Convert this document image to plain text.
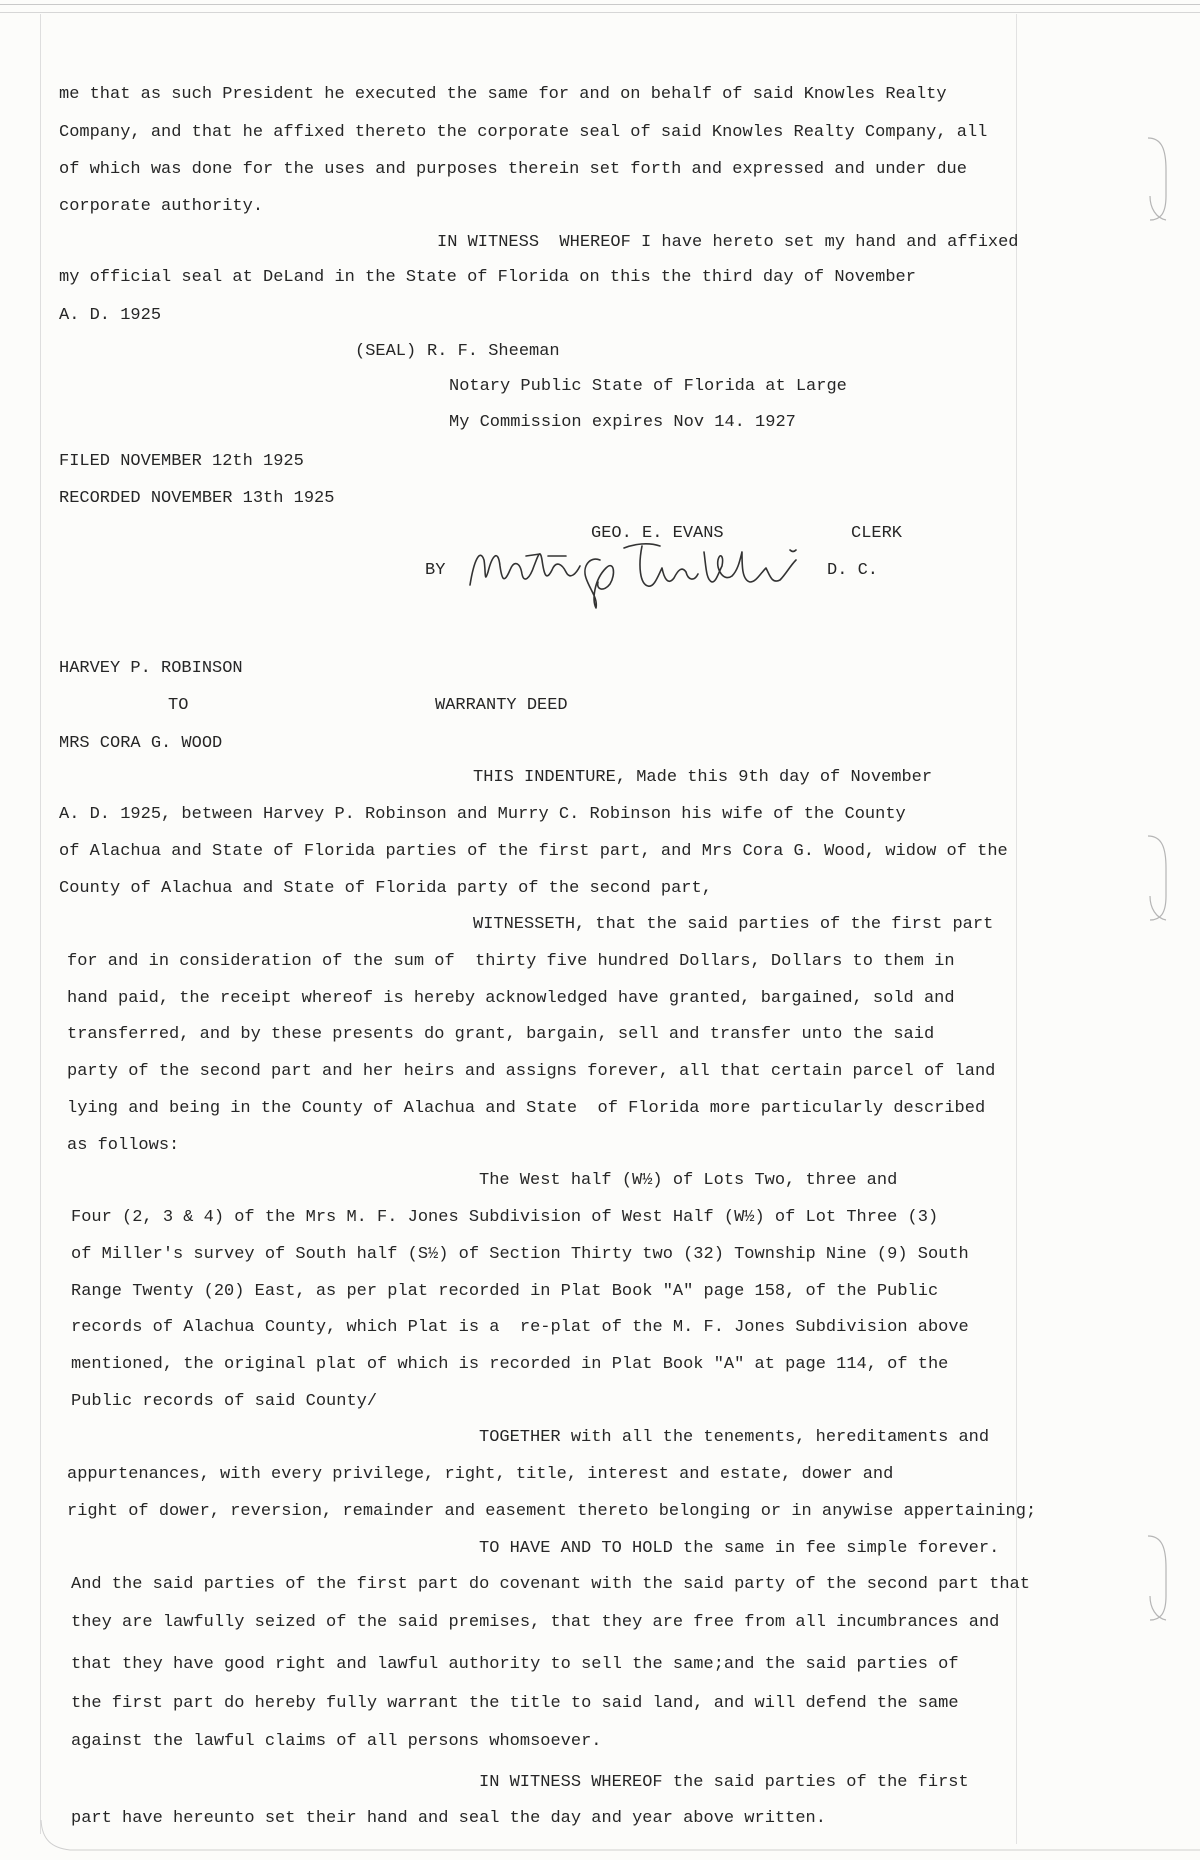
me that as such President he executed the same for and on behalf of said Knowles Realty
Company, and that he affixed thereto the corporate seal of said Knowles Realty Company, all
of which was done for the uses and purposes therein set forth and expressed and under due
corporate authority.
IN WITNESS  WHEREOF I have hereto set my hand and affixed
my official seal at DeLand in the State of Florida on this the third day of November
A. D. 1925
(SEAL) R. F. Sheeman
Notary Public State of Florida at Large
My Commission expires Nov 14. 1927
FILED NOVEMBER 12th 1925
RECORDED NOVEMBER 13th 1925
GEO. E. EVANS	CLERK
BY	D. C.
HARVEY P. ROBINSON
TO	WARRANTY DEED
MRS CORA G. WOOD
THIS INDENTURE, Made this 9th day of November
A. D. 1925, between Harvey P. Robinson and Murry C. Robinson his wife of the County
of Alachua and State of Florida parties of the first part, and Mrs Cora G. Wood, widow of the
County of Alachua and State of Florida party of the second part,
WITNESSETH, that the said parties of the first part
for and in consideration of the sum of  thirty five hundred Dollars, Dollars to them in
hand paid, the receipt whereof is hereby acknowledged have granted, bargained, sold and
transferred, and by these presents do grant, bargain, sell and transfer unto the said
party of the second part and her heirs and assigns forever, all that certain parcel of land
lying and being in the County of Alachua and State  of Florida more particularly described
as follows:
The West half (W½) of Lots Two, three and
Four (2, 3 & 4) of the Mrs M. F. Jones Subdivision of West Half (W½) of Lot Three (3)
of Miller's survey of South half (S½) of Section Thirty two (32) Township Nine (9) South
Range Twenty (20) East, as per plat recorded in Plat Book "A" page 158, of the Public
records of Alachua County, which Plat is a  re-plat of the M. F. Jones Subdivision above
mentioned, the original plat of which is recorded in Plat Book "A" at page 114, of the
Public records of said County/
TOGETHER with all the tenements, hereditaments and
appurtenances, with every privilege, right, title, interest and estate, dower and
right of dower, reversion, remainder and easement thereto belonging or in anywise appertaining;
TO HAVE AND TO HOLD the same in fee simple forever.
And the said parties of the first part do covenant with the said party of the second part that
they are lawfully seized of the said premises, that they are free from all incumbrances and
that they have good right and lawful authority to sell the same;and the said parties of
the first part do hereby fully warrant the title to said land, and will defend the same
against the lawful claims of all persons whomsoever.
IN WITNESS WHEREOF the said parties of the first
part have hereunto set their hand and seal the day and year above written.
